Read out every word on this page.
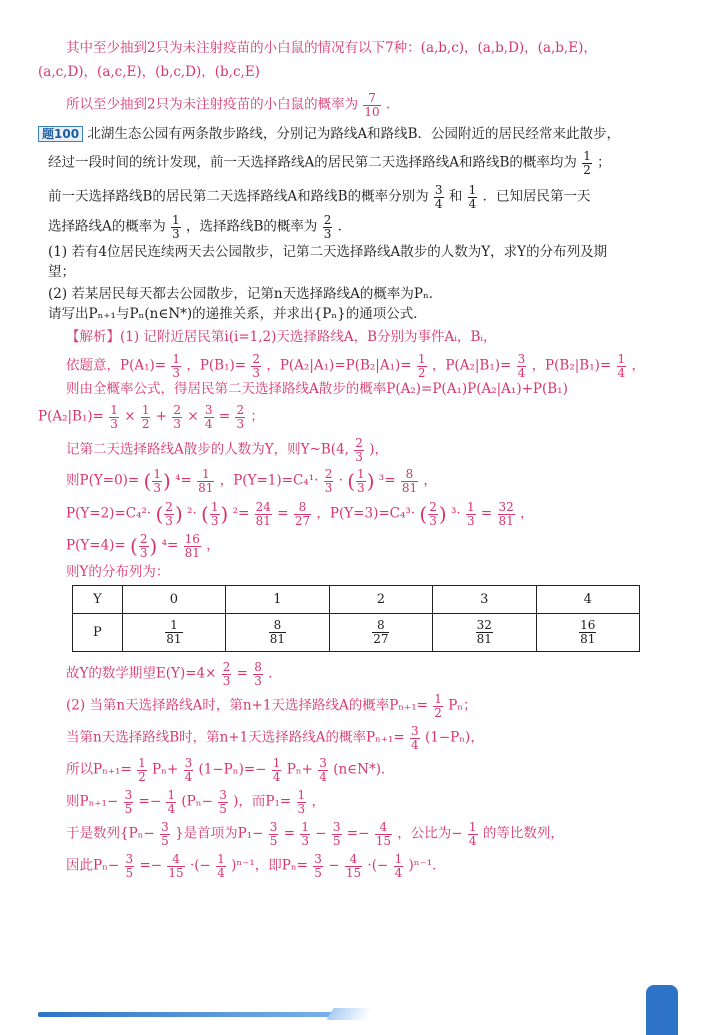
其中至少抽到2只为未注射疫苗的小白鼠的情况有以下7种：(a,b,c)，(a,b,D)，(a,b,E)，
(a,c,D)，(a,c,E)，(b,c,D)，(b,c,E)
所以至少抽到2只为未注射疫苗的小白鼠的概率为 $\frac{7}{10}$ .
题100 北湖生态公园有两条散步路线，分别记为路线A和路线B．公园附近的居民经常来此散步，
经过一段时间的统计发现，前一天选择路线A的居民第二天选择路线A和路线B的概率均为 $\frac{1}{2}$ ；
前一天选择路线B的居民第二天选择路线A和路线B的概率分别为 $\frac{3}{4}$ 和 $\frac{1}{4}$ ．已知居民第一天
选择路线A的概率为 $\frac{1}{3}$ ，选择路线B的概率为 $\frac{2}{3}$ ．
(1) 若有4位居民连续两天去公园散步，记第二天选择路线A散步的人数为Y，求Y的分布列及期
望；
(2) 若某居民每天都去公园散步，记第n天选择路线A的概率为Pₙ．
请写出Pₙ₊₁与Pₙ(n∈N*)的递推关系，并求出{Pₙ}的通项公式．
【解析】(1) 记附近居民第i(i=1,2)天选择路线A，B分别为事件Aᵢ，Bᵢ，
依题意，$P(A_1)= \frac{1}{3}$ ，$P(B_1)= \frac{2}{3}$ ，$P(A_2|A_1)=P(B_2|A_1)= \frac{1}{2}$ ，$P(A_2|B_1)= \frac{3}{4}$ ，$P(B_2|B_1)= \frac{1}{4}$ ，
则由全概率公式，得居民第二天选择路线A散步的概率P(A₂)=P(A₁)P(A₂|A₁)+P(B₁)
$P(A_2|B_1)= \frac{1}{3} \times \frac{1}{2} + \frac{2}{3} \times \frac{3}{4} = \frac{2}{3}$ ；
记第二天选择路线A散步的人数为Y，则Y~B(4, $\frac{2}{3}$ )，
则P(Y=0)= ( $\frac{1}{3}$ ) $^4= \frac{1}{81}$ ，$P(Y=1)=C_4^1\cdot \frac{2}{3}$ · ( $\frac{1}{3}$ ) $^3= \frac{8}{81}$ ，
P(Y=2)=C₄²· ( $\frac{2}{3}$ ) ²· ( $\frac{1}{3}$ ) $^2= \frac{24}{81} = \frac{8}{27}$ ，P(Y=3)=C₄³· ( $\frac{2}{3}$ ) $^3\cdot \frac{1}{3} = \frac{32}{81}$ ，
P(Y=4)= ( $\frac{2}{3}$ ) $^4= \frac{16}{81}$ ，
则Y的分布列为：
Y	0	1	2	3	4
P	$\frac{1}{81}$	$\frac{8}{81}$	$\frac{8}{27}$	$\frac{32}{81}$	$\frac{16}{81}$
故Y的数学期望$E(Y)=4\times \frac{2}{3} = \frac{8}{3}$ ．
(2) 当第n天选择路线A时，第n+1天选择路线A的概率$P_{n+1}= \frac{1}{2}$ Pₙ；
当第n天选择路线B时，第n+1天选择路线A的概率$P_{n+1}= \frac{3}{4} (1-P_n)$，
所以$P_{n+1}= \frac{1}{2} P_n+ \frac{3}{4} (1-P_n)=- \frac{1}{4} P_n+ \frac{3}{4}$ (n∈N*)．
则$P_{n+1}- \frac{3}{5} =- \frac{1}{4} (P_n- \frac{3}{5}$ )，而$P_1= \frac{1}{3}$ ，
于是数列{$P_n- \frac{3}{5}$ }是首项为$P_1- \frac{3}{5} = \frac{1}{3} - \frac{3}{5} =- \frac{4}{15}$ ，公比为− $\frac{1}{4}$ 的等比数列，
因此$P_n- \frac{3}{5} =- \frac{4}{15}$ ·(− $\frac{1}{4} )^{n-1}$，即$P_n= \frac{3}{5} - \frac{4}{15}$ ·(− $\frac{1}{4} )^{n-1}$．
